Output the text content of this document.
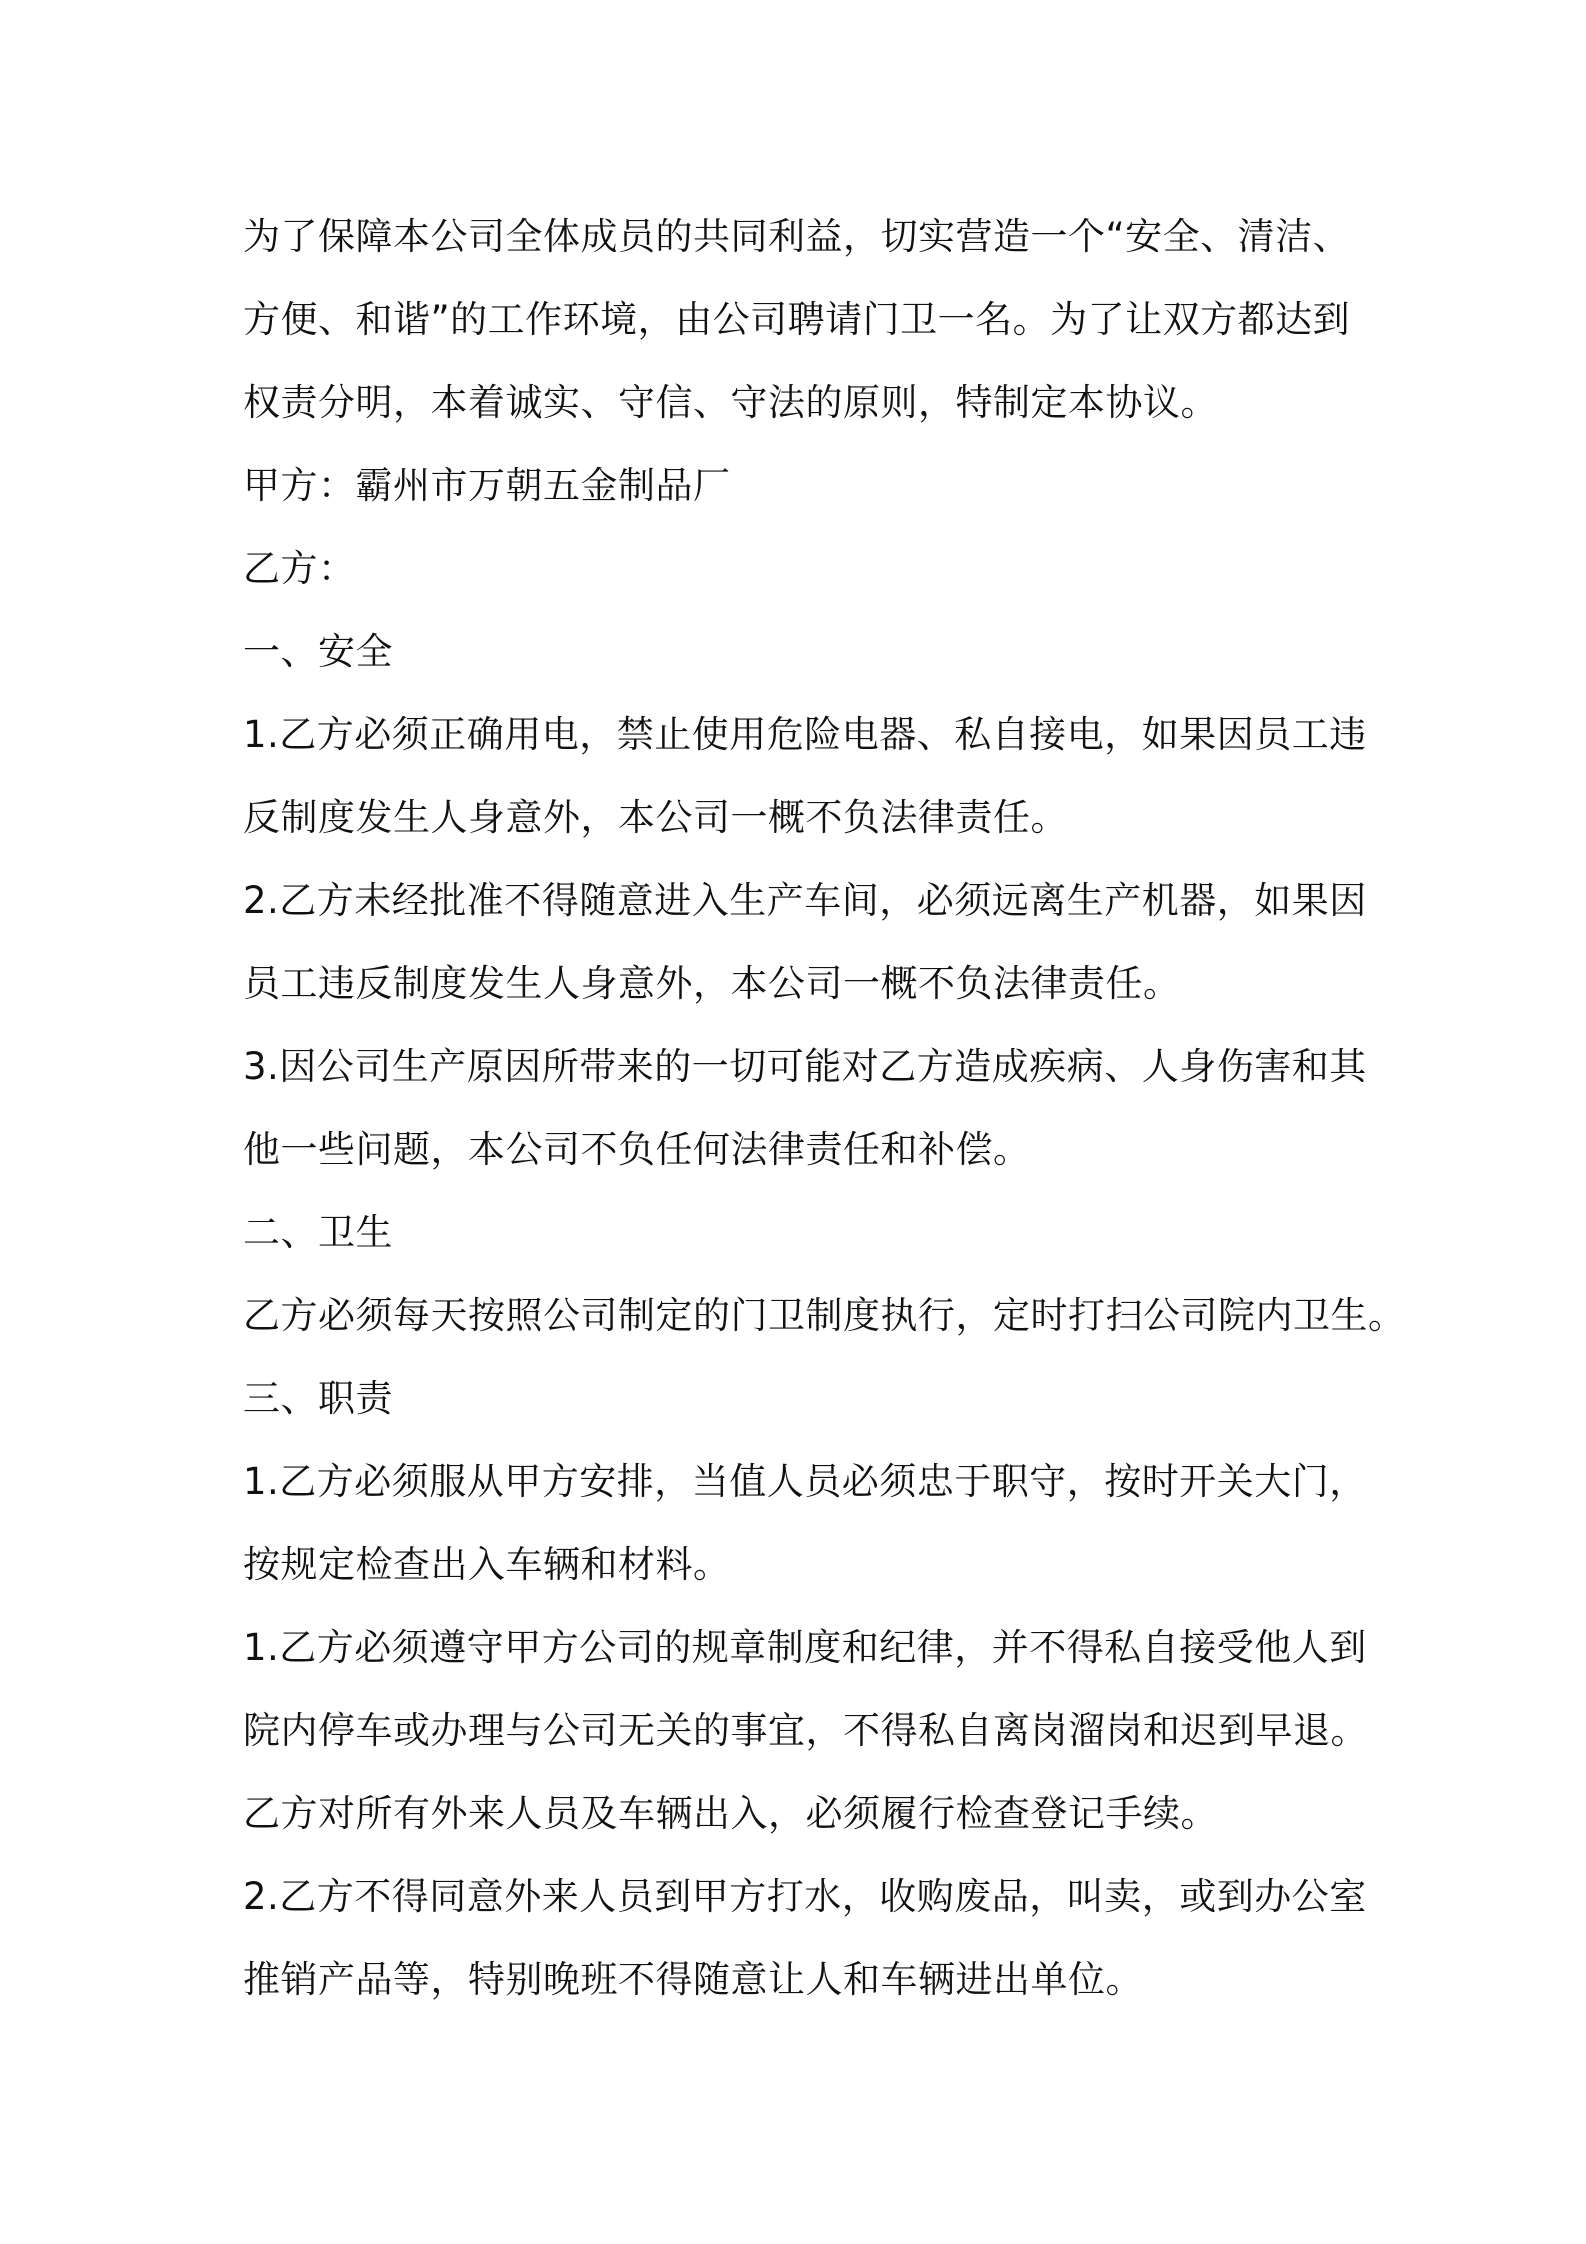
为了保障本公司全体成员的共同利益，切实营造一个“安全、清洁、
方便、和谐”的工作环境，由公司聘请门卫一名。为了让双方都达到
权责分明，本着诚实、守信、守法的原则，特制定本协议。
甲方：霸州市万朝五金制品厂
乙方：
一、安全
1.乙方必须正确用电，禁止使用危险电器、私自接电，如果因员工违
反制度发生人身意外，本公司一概不负法律责任。
2.乙方未经批准不得随意进入生产车间，必须远离生产机器，如果因
员工违反制度发生人身意外，本公司一概不负法律责任。
3.因公司生产原因所带来的一切可能对乙方造成疾病、人身伤害和其
他一些问题，本公司不负任何法律责任和补偿。
二、卫生
乙方必须每天按照公司制定的门卫制度执行，定时打扫公司院内卫生。
三、职责
1.乙方必须服从甲方安排，当值人员必须忠于职守，按时开关大门，
按规定检查出入车辆和材料。
1.乙方必须遵守甲方公司的规章制度和纪律，并不得私自接受他人到
院内停车或办理与公司无关的事宜，不得私自离岗溜岗和迟到早退。
乙方对所有外来人员及车辆出入，必须履行检查登记手续。
2.乙方不得同意外来人员到甲方打水，收购废品，叫卖，或到办公室
推销产品等，特别晚班不得随意让人和车辆进出单位。
